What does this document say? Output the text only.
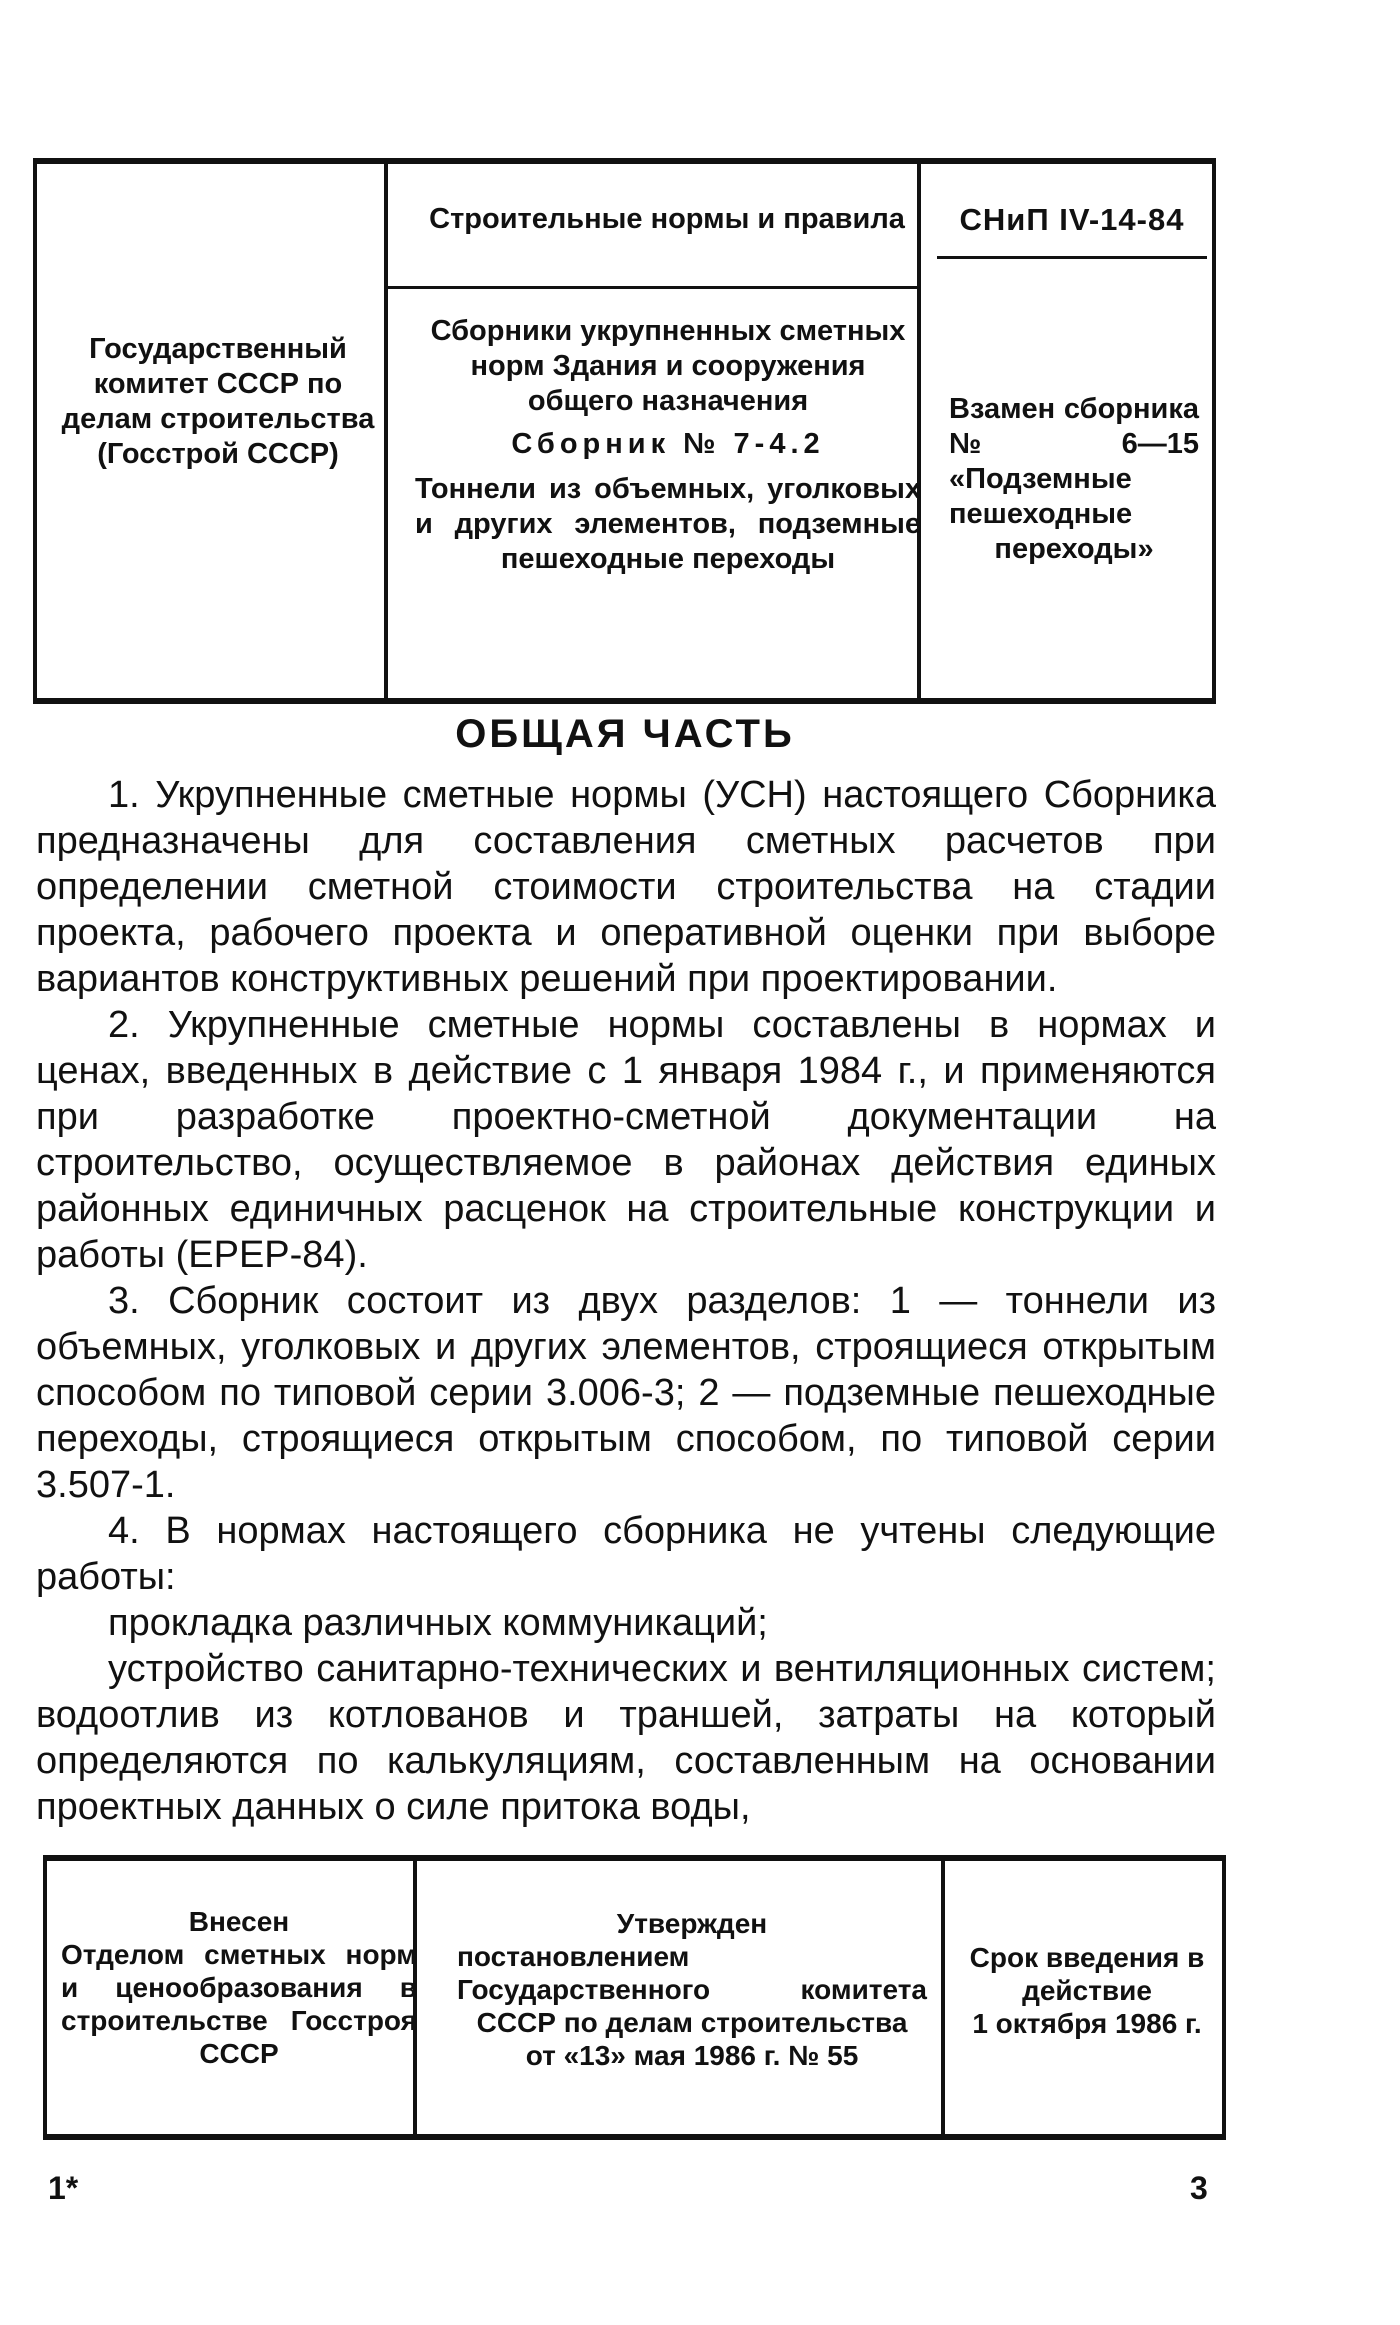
Государственный комитет СССР по делам строительства (Госстрой СССР)
Строительные нормы и правила	СНиП IV-14-84
Сборники укрупненных сметных норм Здания и сооружения общего назначения
Сборник № 7-4.2
Тоннели из объемных, уголковых и других элементов, подземные пешеходные переходы
Взамен сборника № 6—15 «Подземные пешеходные переходы»
ОБЩАЯ ЧАСТЬ

1. Укрупненные сметные нормы (УСН) настоящего Сборника предназначены для составления сметных расчетов при определении сметной стоимости строительства на стадии проекта, рабочего проекта и оперативной оценки при выборе вариантов конструктивных решений при проектировании.

2. Укрупненные сметные нормы составлены в нормах и ценах, введенных в действие с 1 января 1984 г., и применяются при разработке проектно-сметной документации на строительство, осуществляемое в районах действия единых районных единичных расценок на строительные конструкции и работы (ЕРЕР-84).

3. Сборник состоит из двух разделов: 1 — тоннели из объемных, уголковых и других элементов, строящиеся открытым способом по типовой серии 3.006-3; 2 — подземные пешеходные переходы, строящиеся открытым способом, по типовой серии 3.507-1.

4. В нормах настоящего сборника не учтены следующие работы:

прокладка различных коммуникаций;

устройство санитарно-технических и вентиляционных систем; водоотлив из котлованов и траншей, затраты на который определяются по калькуляциям, составленным на основании проектных данных о силе притока воды,

Внесен
Отделом сметных норм и ценообразования в строительстве Госстроя СССР
Утвержден
постановлением Государственного комитета СССР по делам строительства
от «13» мая 1986 г. № 55
Срок введения в действие
1 октября 1986 г.
1*	3
